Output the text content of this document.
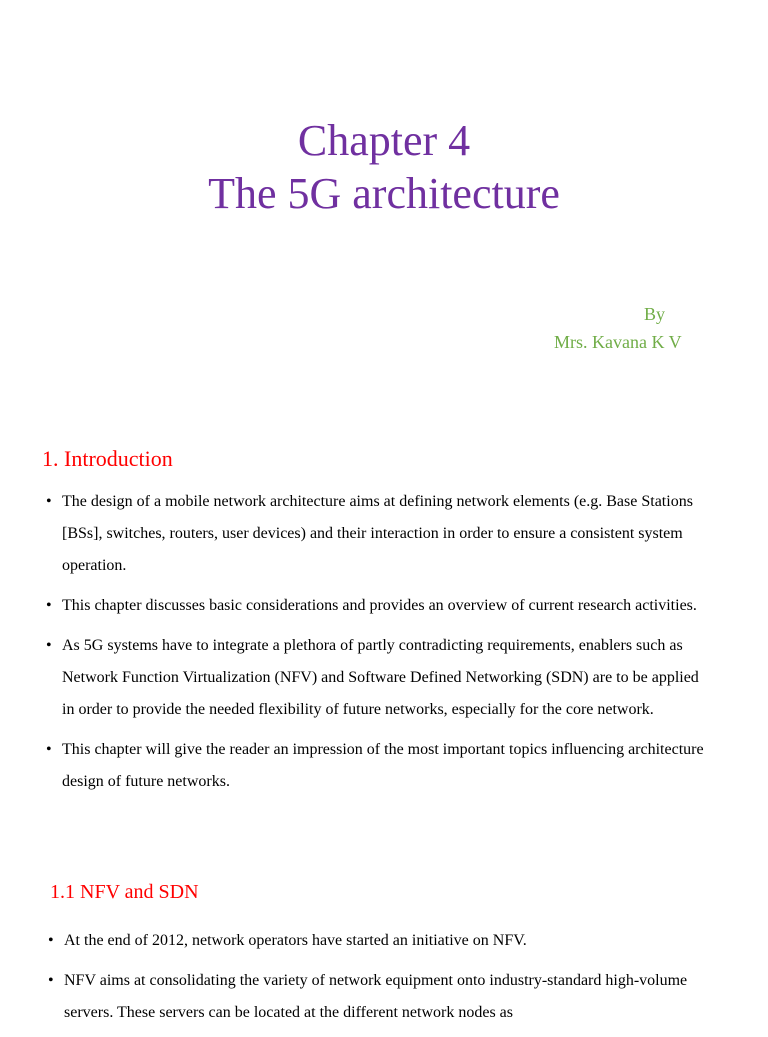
Chapter 4
The 5G architecture
By
Mrs. Kavana K V
1. Introduction
• The design of a mobile network architecture aims at defining network elements (e.g. Base Stations [BSs], switches, routers, user devices) and their interaction in order to ensure a consistent system operation.
• This chapter discusses basic considerations and provides an overview of current research activities.
• As 5G systems have to integrate a plethora of partly contradicting requirements, enablers such as Network Function Virtualization (NFV) and Software Defined Networking (SDN) are to be applied in order to provide the needed flexibility of future networks, especially for the core network.
• This chapter will give the reader an impression of the most important topics influencing architecture design of future networks.
1.1 NFV and SDN
• At the end of 2012, network operators have started an initiative on NFV.
• NFV aims at consolidating the variety of network equipment onto industry-standard high-volume servers. These servers can be located at the different network nodes as
